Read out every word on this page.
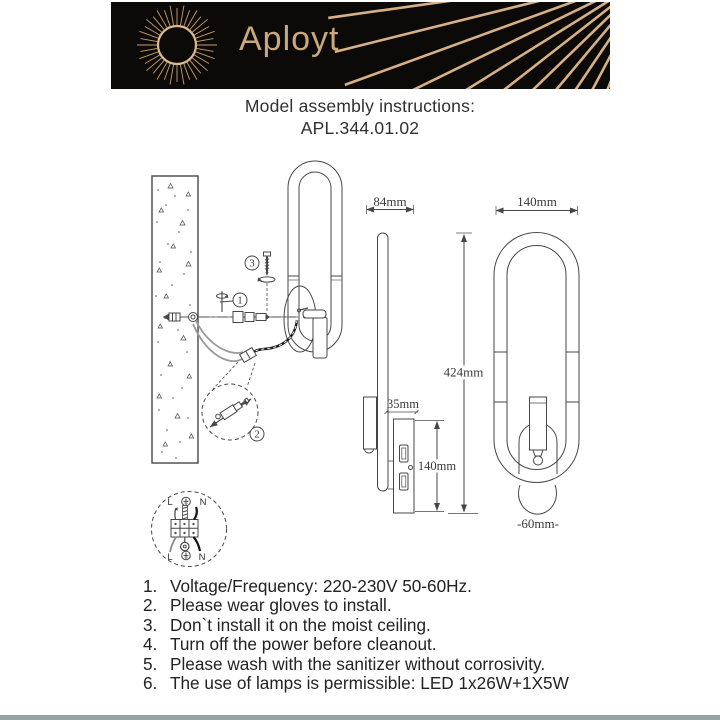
Aployt
Model assembly instructions:
APL.344.01.02
2
3
1
L	N
L	N
84mm
35mm
140mm
424mm
140mm
-60mm-
1. Voltage/Frequency: 220-230V 50-60Hz.
2. Please wear gloves to install.
3. Don`t install it on the moist ceiling.
4. Turn off the power before cleanout.
5. Please wash with the sanitizer without corrosivity.
6. The use of lamps is permissible: LED 1x26W+1X5W
